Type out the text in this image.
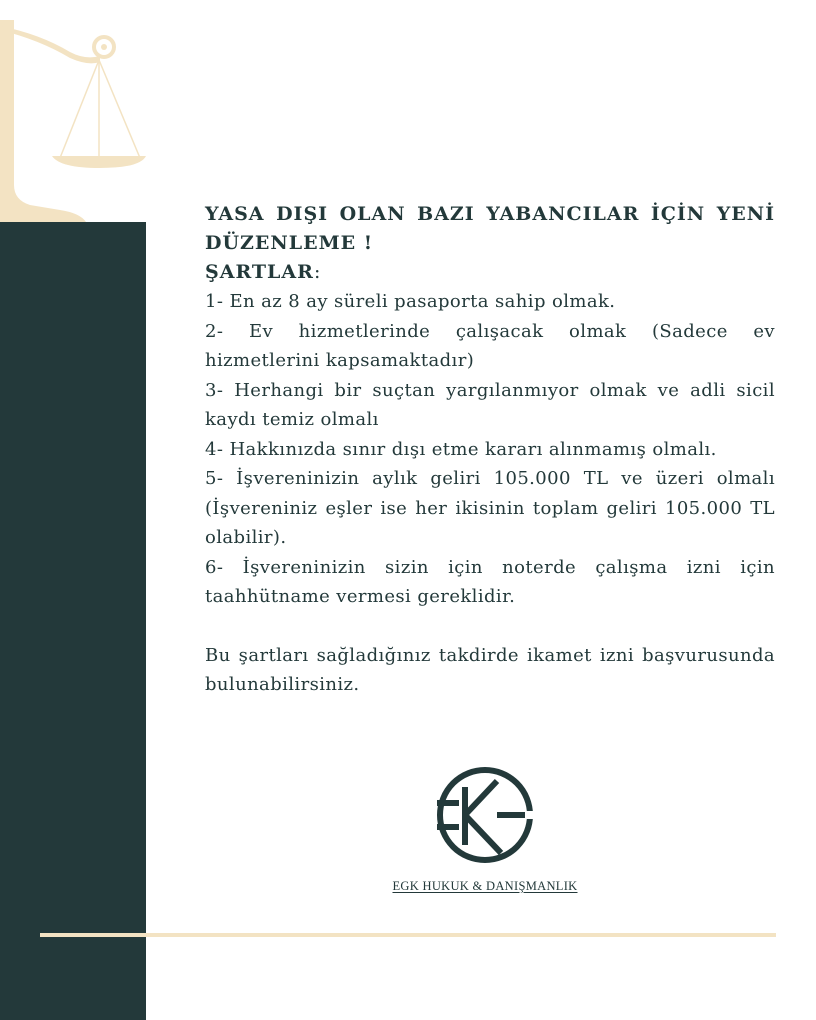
YASA DIŞI OLAN BAZI YABANCILAR İÇİN YENİ
DÜZENLEME !

ŞARTLAR:

1- En az 8 ay süreli pasaporta sahip olmak.

2- Ev hizmetlerinde çalışacak olmak (Sadece ev hizmetlerini kapsamaktadır)

3- Herhangi bir suçtan yargılanmıyor olmak ve adli sicil kaydı temiz olmalı

4- Hakkınızda sınır dışı etme kararı alınmamış olmalı.

5- İşvereninizin aylık geliri 105.000 TL ve üzeri olmalı (İşvereniniz eşler ise her ikisinin toplam geliri 105.000 TL olabilir).

6- İşvereninizin sizin için noterde çalışma izni için taahhütname vermesi gereklidir.

Bu şartları sağladığınız takdirde ikamet izni başvurusunda bulunabilirsiniz.

EGK HUKUK & DANIŞMANLIK
